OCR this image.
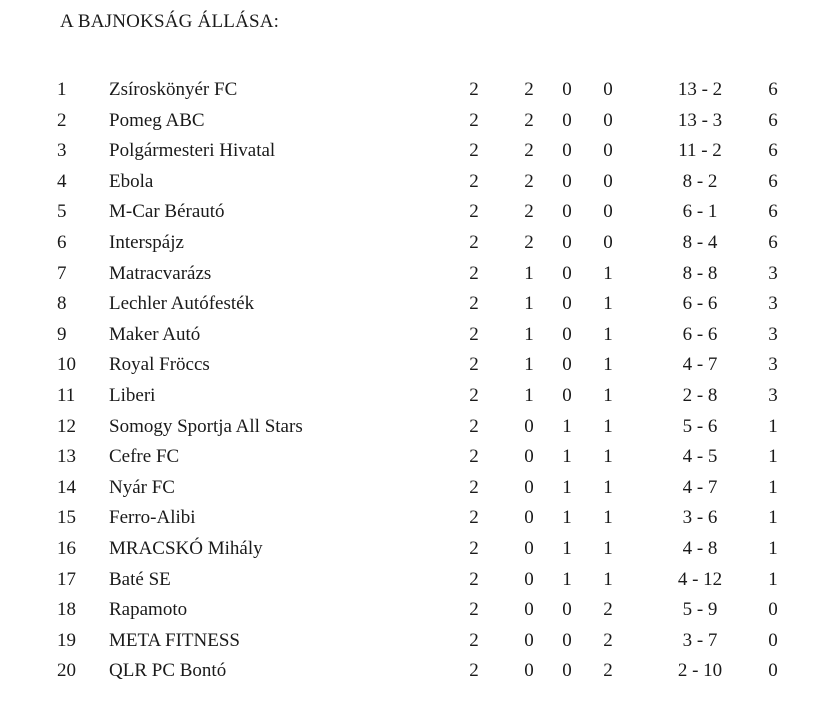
A BAJNOKSÁG ÁLLÁSA:
1 Zsíroskönyér FC	2	2	0	0	13 - 2	6
2 Pomeg ABC	2	2	0	0	13 - 3	6
3 Polgármesteri Hivatal	2	2	0	0	11 - 2	6
4 Ebola	2	2	0	0	8 - 2	6
5 M-Car Bérautó	2	2	0	0	6 - 1	6
6 Interspájz	2	2	0	0	8 - 4	6
7 Matracvarázs	2	1	0	1	8 - 8	3
8 Lechler Autófesték	2	1	0	1	6 - 6	3
9 Maker Autó	2	1	0	1	6 - 6	3
10 Royal Fröccs	2	1	0	1	4 - 7	3
11 Liberi	2	1	0	1	2 - 8	3
12 Somogy Sportja All Stars	2	0	1	1	5 - 6	1
13 Cefre FC	2	0	1	1	4 - 5	1
14 Nyár FC	2	0	1	1	4 - 7	1
15 Ferro-Alibi	2	0	1	1	3 - 6	1
16 MRACSKÓ Mihály	2	0	1	1	4 - 8	1
17 Baté SE	2	0	1	1	4 - 12	1
18 Rapamoto	2	0	0	2	5 - 9	0
19 META FITNESS	2	0	0	2	3 - 7	0
20 QLR PC Bontó	2	0	0	2	2 - 10	0
